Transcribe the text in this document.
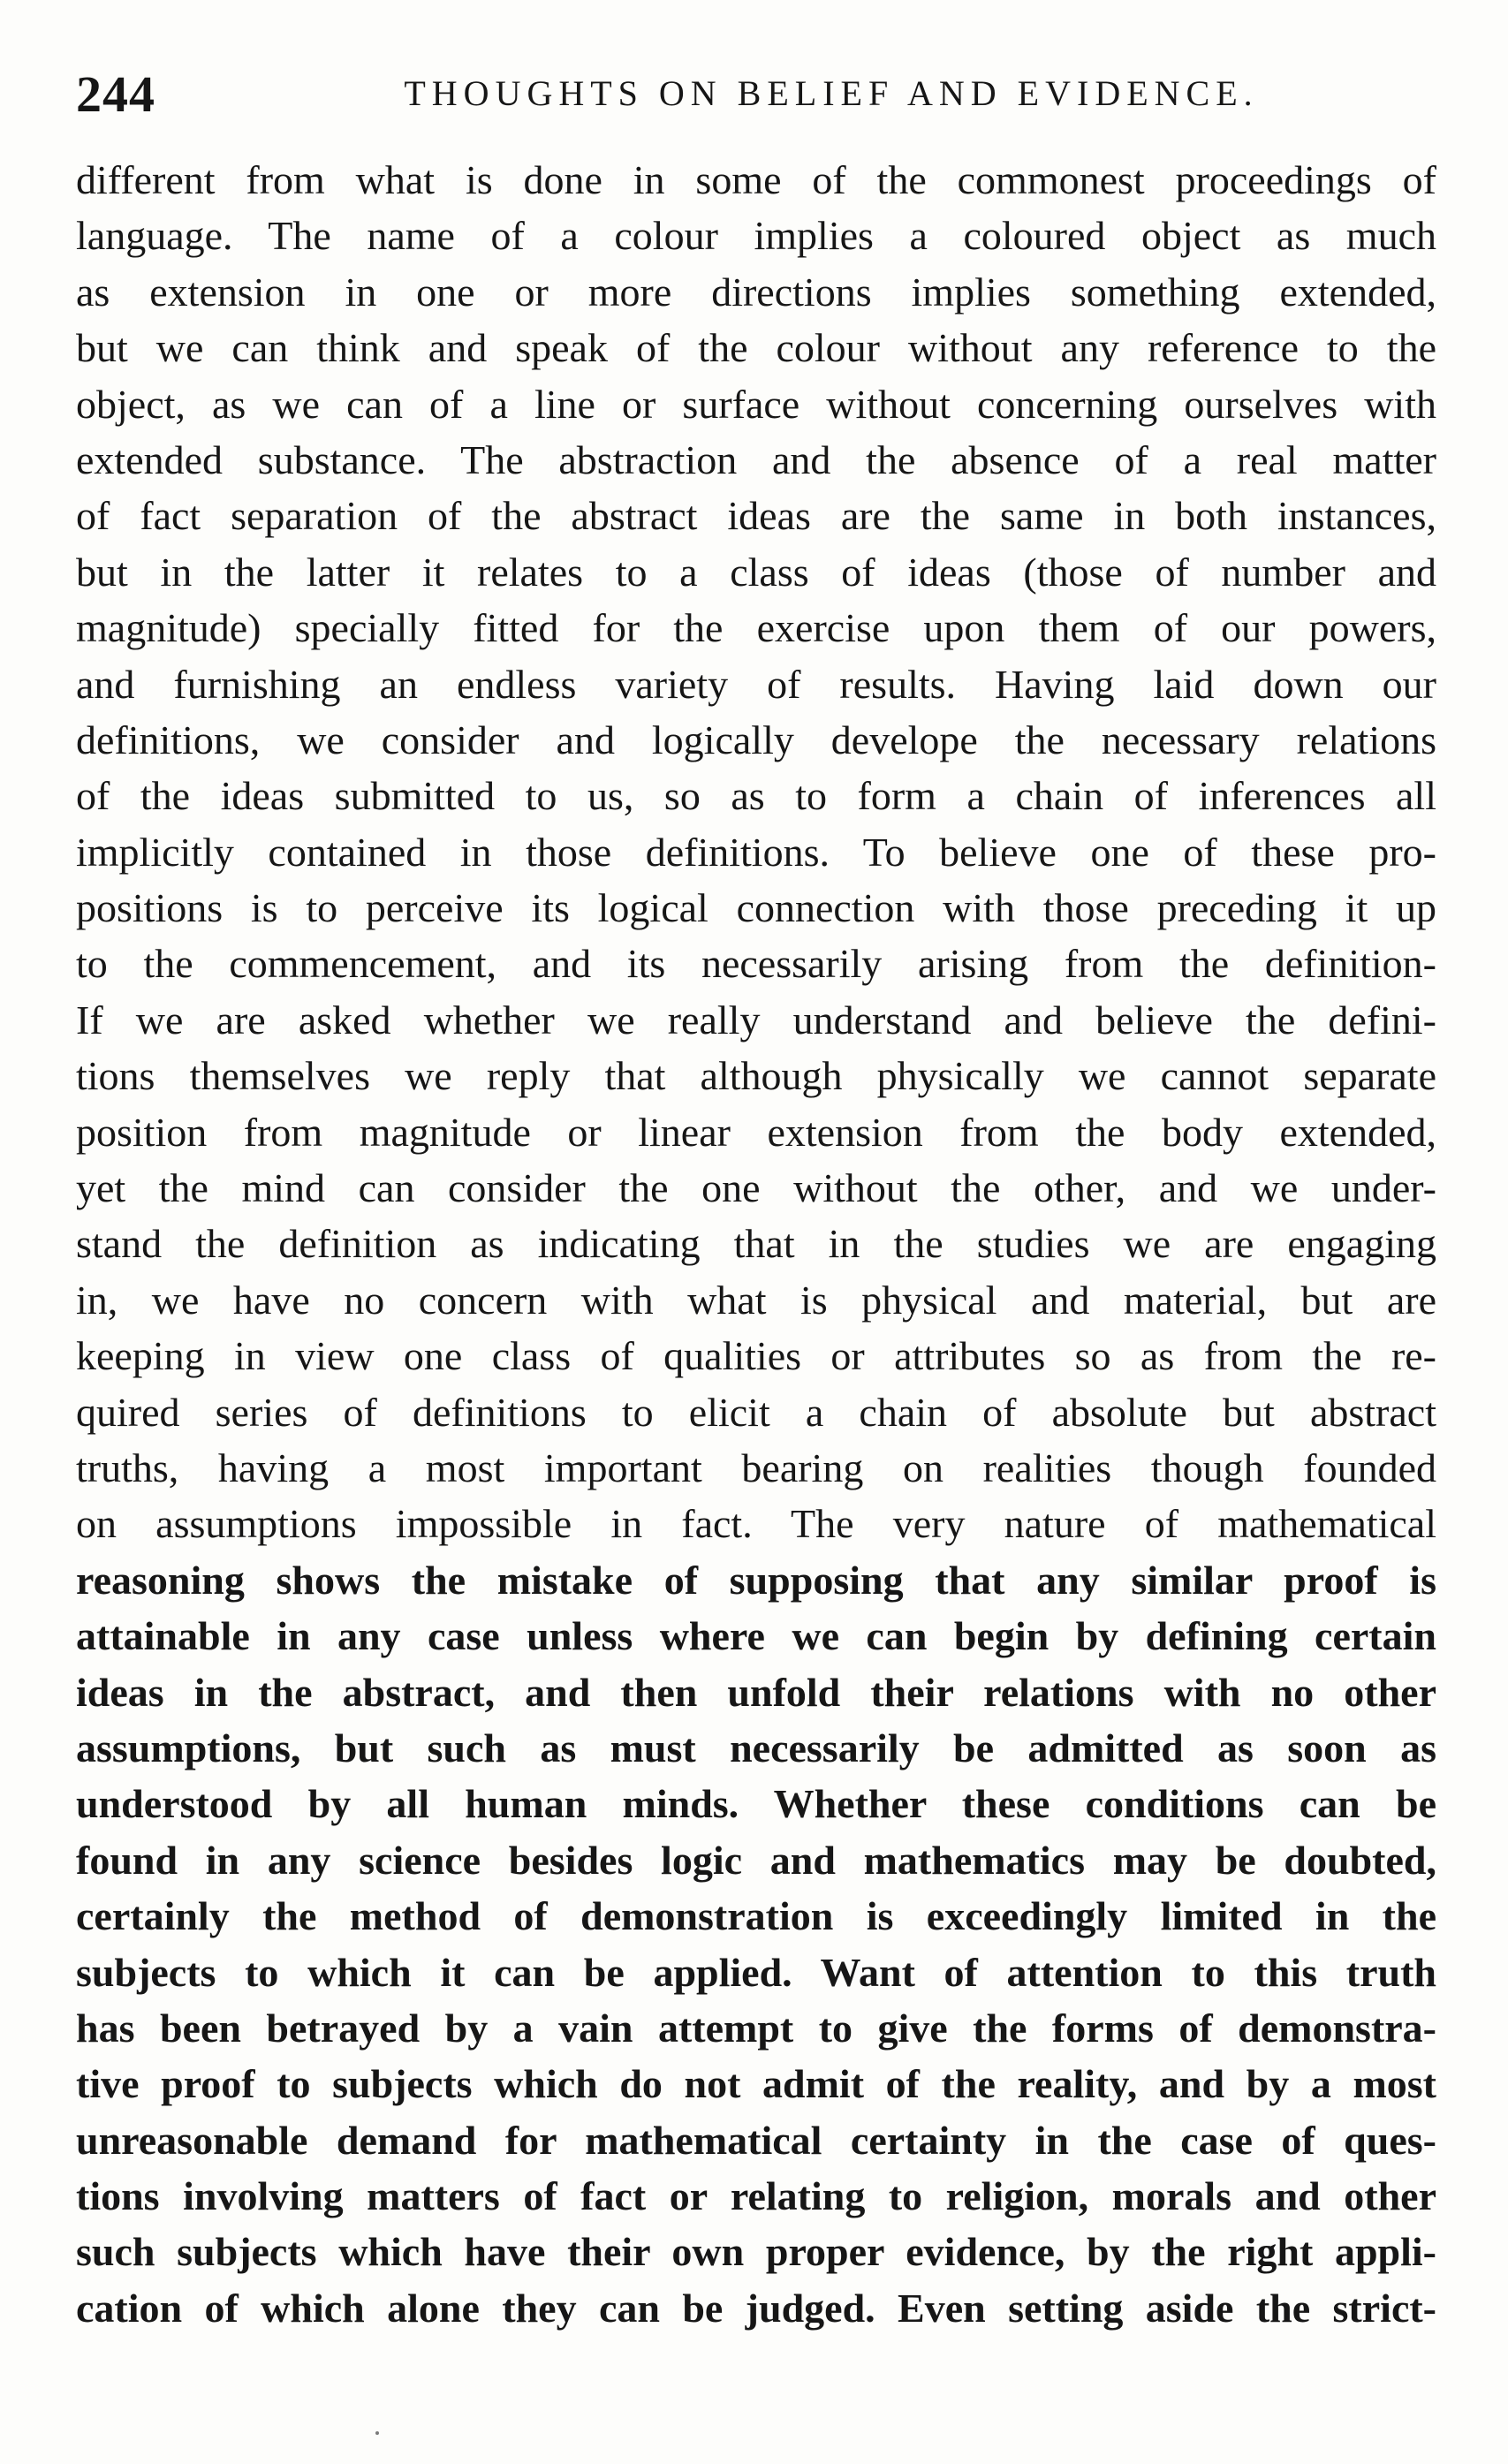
244	THOUGHTS ON BELIEF AND EVIDENCE.
different from what is done in some of the commonest proceedings of
language. The name of a colour implies a coloured object as much
as extension in one or more directions implies something extended,
but we can think and speak of the colour without any reference to the
object, as we can of a line or surface without concerning ourselves with
extended substance. The abstraction and the absence of a real matter
of fact separation of the abstract ideas are the same in both instances,
but in the latter it relates to a class of ideas (those of number and
magnitude) specially fitted for the exercise upon them of our powers,
and furnishing an endless variety of results. Having laid down our
definitions, we consider and logically develope the necessary relations
of the ideas submitted to us, so as to form a chain of inferences all
implicitly contained in those definitions. To believe one of these pro-
positions is to perceive its logical connection with those preceding it up
to the commencement, and its necessarily arising from the definition-
If we are asked whether we really understand and believe the defini-
tions themselves we reply that although physically we cannot separate
position from magnitude or linear extension from the body extended,
yet the mind can consider the one without the other, and we under-
stand the definition as indicating that in the studies we are engaging
in, we have no concern with what is physical and material, but are
keeping in view one class of qualities or attributes so as from the re-
quired series of definitions to elicit a chain of absolute but abstract
truths, having a most important bearing on realities though founded
on assumptions impossible in fact. The very nature of mathematical
reasoning shows the mistake of supposing that any similar proof is
attainable in any case unless where we can begin by defining certain
ideas in the abstract, and then unfold their relations with no other
assumptions, but such as must necessarily be admitted as soon as
understood by all human minds. Whether these conditions can be
found in any science besides logic and mathematics may be doubted,
certainly the method of demonstration is exceedingly limited in the
subjects to which it can be applied. Want of attention to this truth
has been betrayed by a vain attempt to give the forms of demonstra-
tive proof to subjects which do not admit of the reality, and by a most
unreasonable demand for mathematical certainty in the case of ques-
tions involving matters of fact or relating to religion, morals and other
such subjects which have their own proper evidence, by the right appli-
cation of which alone they can be judged. Even setting aside the strict-
